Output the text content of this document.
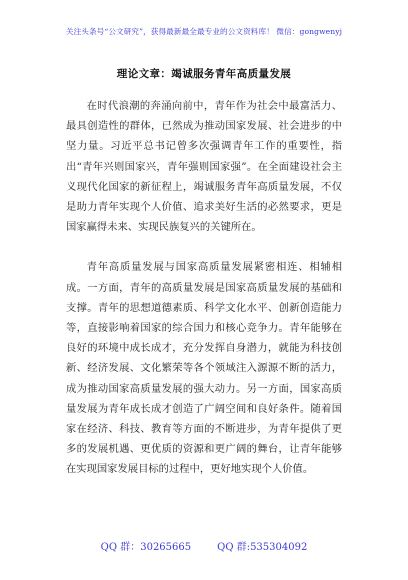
关注头条号“公文研究”，获得最新最全最专业的公文资料库！ 微信：gongwenyj
理论文章：竭诚服务青年高质量发展

在时代浪潮的奔涌向前中，青年作为社会中最富活力、最具创造性的群体，已然成为推动国家发展、社会进步的中坚力量。习近平总书记曾多次强调青年工作的重要性，指出“青年兴则国家兴，青年强则国家强”。在全面建设社会主义现代化国家的新征程上，竭诚服务青年高质量发展，不仅是助力青年实现个人价值、追求美好生活的必然要求，更是国家赢得未来、实现民族复兴的关键所在。

青年高质量发展与国家高质量发展紧密相连、相辅相成。一方面，青年的高质量发展是国家高质量发展的基础和支撑。青年的思想道德素质、科学文化水平、创新创造能力等，直接影响着国家的综合国力和核心竞争力。青年能够在良好的环境中成长成才，充分发挥自身潜力，就能为科技创新、经济发展、文化繁荣等各个领域注入源源不断的活力，成为推动国家高质量发展的强大动力。另一方面，国家高质量发展为青年成长成才创造了广阔空间和良好条件。随着国家在经济、科技、教育等方面的不断进步，为青年提供了更多的发展机遇、更优质的资源和更广阔的舞台，让青年能够在实现国家发展目标的过程中，更好地实现个人价值。

QQ 群：30265665	QQ 群:535304092
